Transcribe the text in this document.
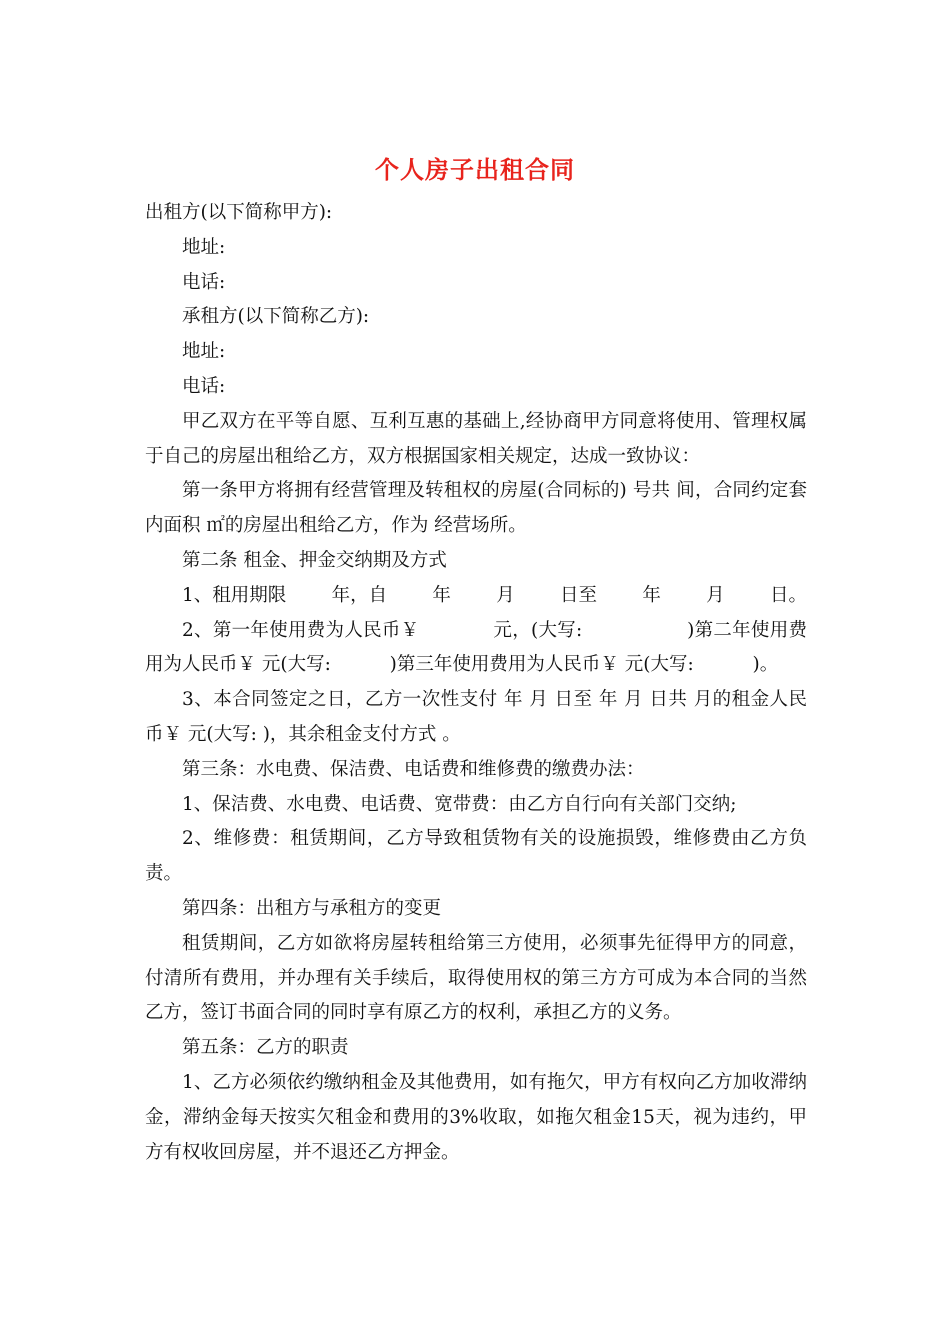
个人房子出租合同

出租方(以下简称甲方):

地址:

电话:

承租方(以下简称乙方):

地址:

电话:

甲乙双方在平等自愿、互利互惠的基础上,经协商甲方同意将使用、管理权属于自己的房屋出租给乙方，双方根据国家相关规定，达成一致协议：

第一条甲方将拥有经营管理及转租权的房屋(合同标的) 号共 间，合同约定套内面积 ㎡的房屋出租给乙方，作为 经营场所。

第二条 租金、押金交纳期及方式

1、租用期限	年，自	年	月	日至	年	月	日。

2、第一年使用费为人民币￥            元，(大写:                 )第二年使用费用为人民币￥ 元(大写:          )第三年使用费用为人民币￥ 元(大写:          )。

3、本合同签定之日，乙方一次性支付 年 月 日至 年 月 日共 月的租金人民币￥ 元(大写: )，其余租金支付方式 。

第三条：水电费、保洁费、电话费和维修费的缴费办法：

1、保洁费、水电费、电话费、宽带费：由乙方自行向有关部门交纳;

2、维修费：租赁期间，乙方导致租赁物有关的设施损毁，维修费由乙方负责。

第四条：出租方与承租方的变更

租赁期间，乙方如欲将房屋转租给第三方使用，必须事先征得甲方的同意，付清所有费用，并办理有关手续后，取得使用权的第三方方可成为本合同的当然乙方，签订书面合同的同时享有原乙方的权利，承担乙方的义务。

第五条：乙方的职责

1、乙方必须依约缴纳租金及其他费用，如有拖欠，甲方有权向乙方加收滞纳金，滞纳金每天按实欠租金和费用的3%收取，如拖欠租金15天，视为违约，甲方有权收回房屋，并不退还乙方押金。
